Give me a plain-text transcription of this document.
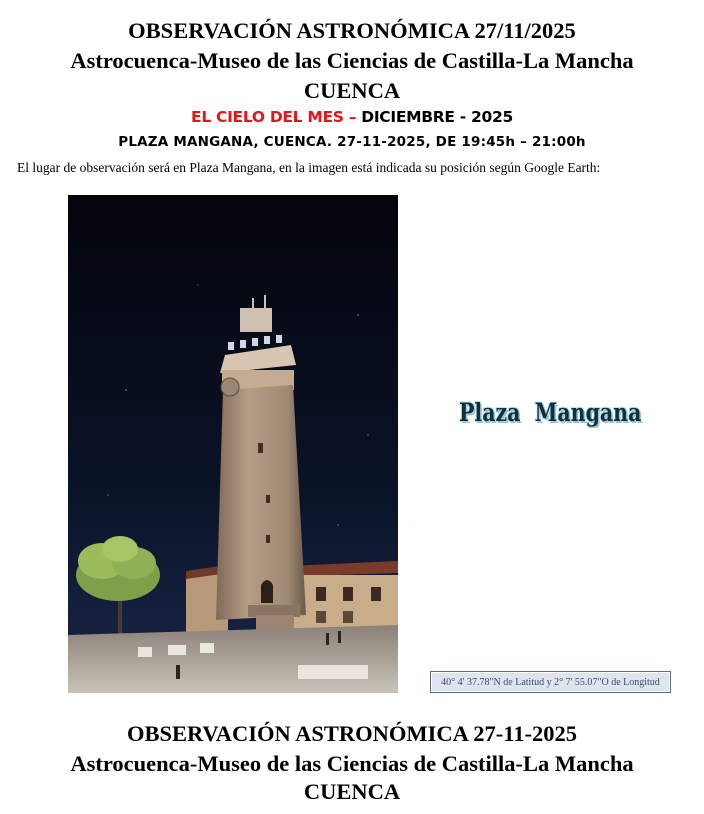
OBSERVACIÓN ASTRONÓMICA 27/11/2025
Astrocuenca-Museo de las Ciencias de Castilla-La Mancha
CUENCA
EL CIELO DEL MES – DICIEMBRE - 2025
PLAZA MANGANA, CUENCA. 27-11-2025, DE 19:45h – 21:00h
El lugar de observación será en Plaza Mangana, en la imagen está indicada su posición según Google Earth:
Plaza  Mangana
40° 4' 37.78"N de Latitud y 2° 7' 55.07"O de Longitud
OBSERVACIÓN ASTRONÓMICA 27-11-2025
Astrocuenca-Museo de las Ciencias de Castilla-La Mancha
CUENCA
